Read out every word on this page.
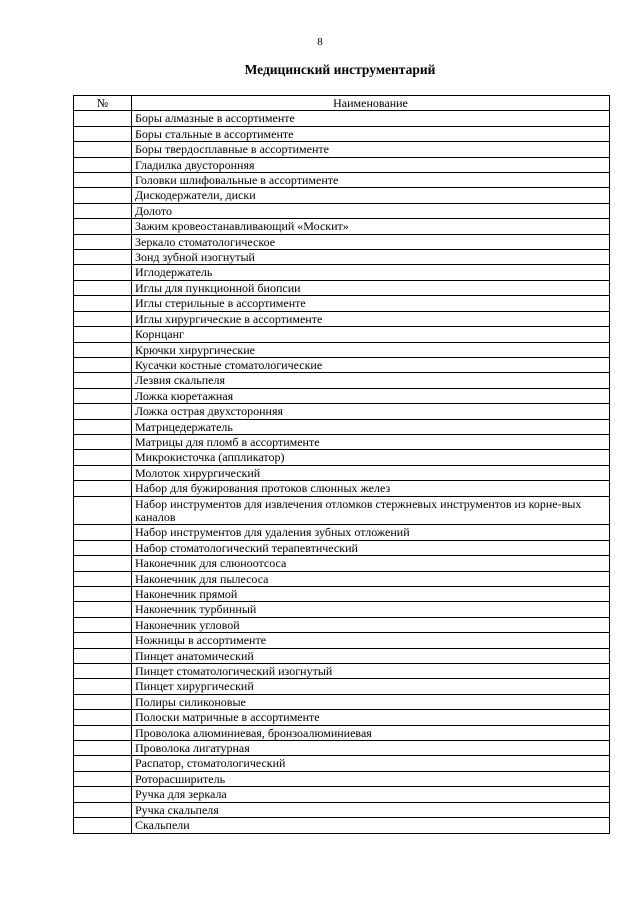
8
Медицинский инструментарий
№	Наименование
	Боры алмазные в ассортименте
	Боры стальные в ассортименте
	Боры твердосплавные в ассортименте
	Гладилка двусторонняя
	Головки шлифовальные в ассортименте
	Дискодержатели, диски
	Долото
	Зажим кровеостанавливающий «Москит»
	Зеркало стоматологическое
	Зонд зубной изогнутый
	Иглодержатель
	Иглы для пункционной биопсии
	Иглы стерильные в ассортименте
	Иглы хирургические в ассортименте
	Корнцанг
	Крючки хирургические
	Кусачки костные стоматологические
	Лезвия скальпеля
	Ложка кюретажная
	Ложка острая двухсторонняя
	Матрицедержатель
	Матрицы для пломб в ассортименте
	Микрокисточка (аппликатор)
	Молоток хирургический
	Набор для бужирования протоков слюнных желез
	Набор инструментов для извлечения отломков стержневых инструментов из корне-вых каналов
	Набор инструментов для удаления зубных отложений
	Набор стоматологический терапевтический
	Наконечник для слюноотсоса
	Наконечник для пылесоса
	Наконечник прямой
	Наконечник турбинный
	Наконечник угловой
	Ножницы в ассортименте
	Пинцет анатомический
	Пинцет стоматологический изогнутый
	Пинцет хирургический
	Полиры силиконовые
	Полоски матричные в ассортименте
	Проволока алюминиевая, бронзоалюминиевая
	Проволока лигатурная
	Распатор, стоматологический
	Роторасширитель
	Ручка для зеркала
	Ручка скальпеля
	Скальпели
